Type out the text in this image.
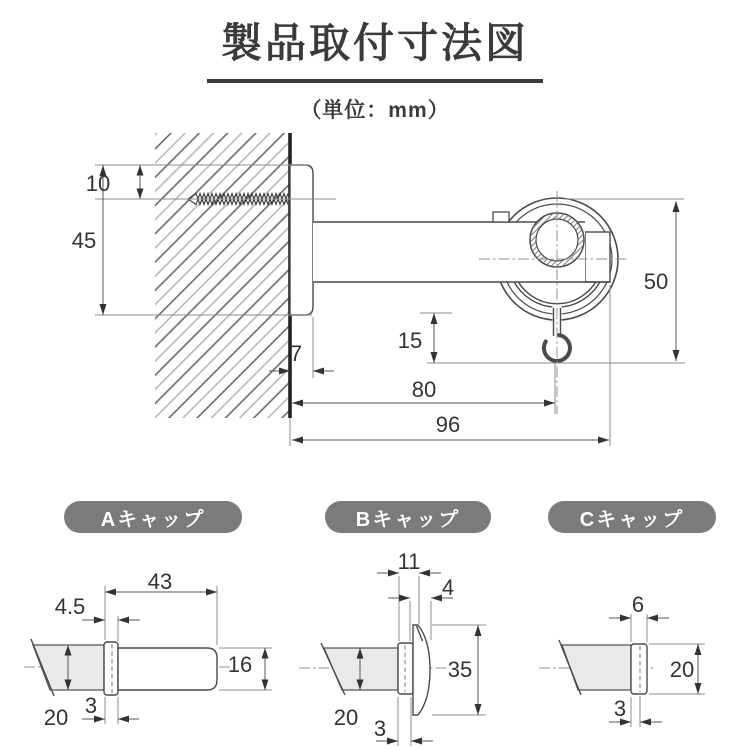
製品取付寸法図
（単位：mm）
10
45
7
15
80
96
50
43
4.5
3
16
20
11
4
35
20 3
6
20
3
Aキャップ	Bキャップ	Cキャップ
